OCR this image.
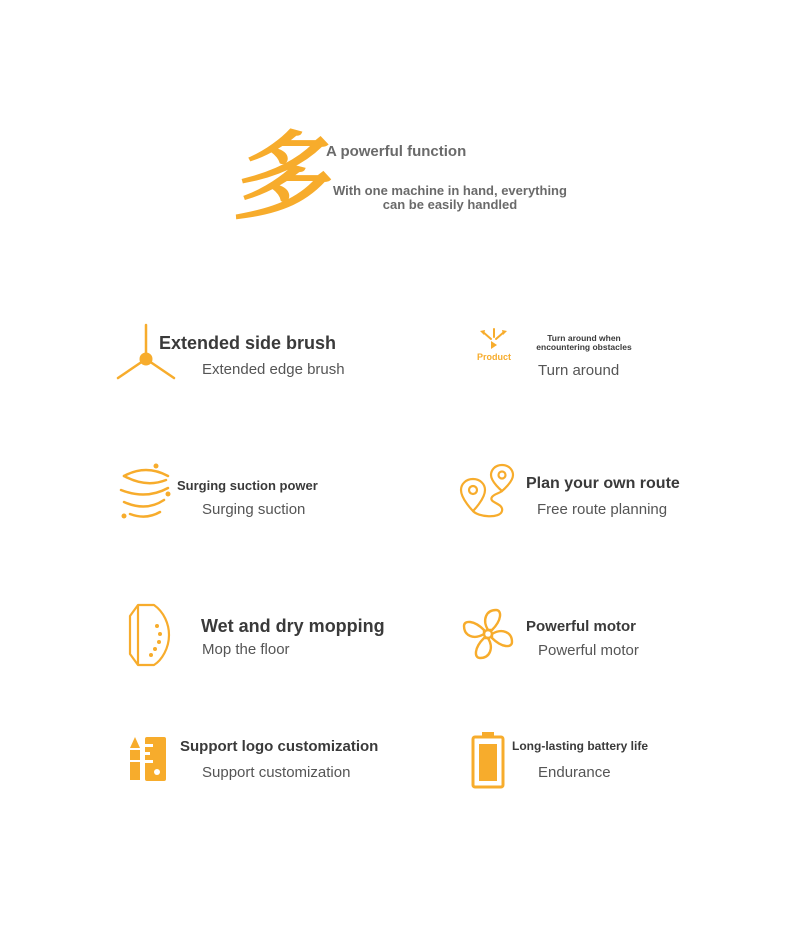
多
A powerful function
With one machine in hand, everything
can be easily handled
Extended side brush
Extended edge brush
Product
Turn around when
encountering obstacles
Turn around
Surging suction power
Surging suction
Plan your own route
Free route planning
Wet and dry mopping
Mop the floor
Powerful motor
Powerful motor
Support logo customization
Support customization
Long-lasting battery life
Endurance
